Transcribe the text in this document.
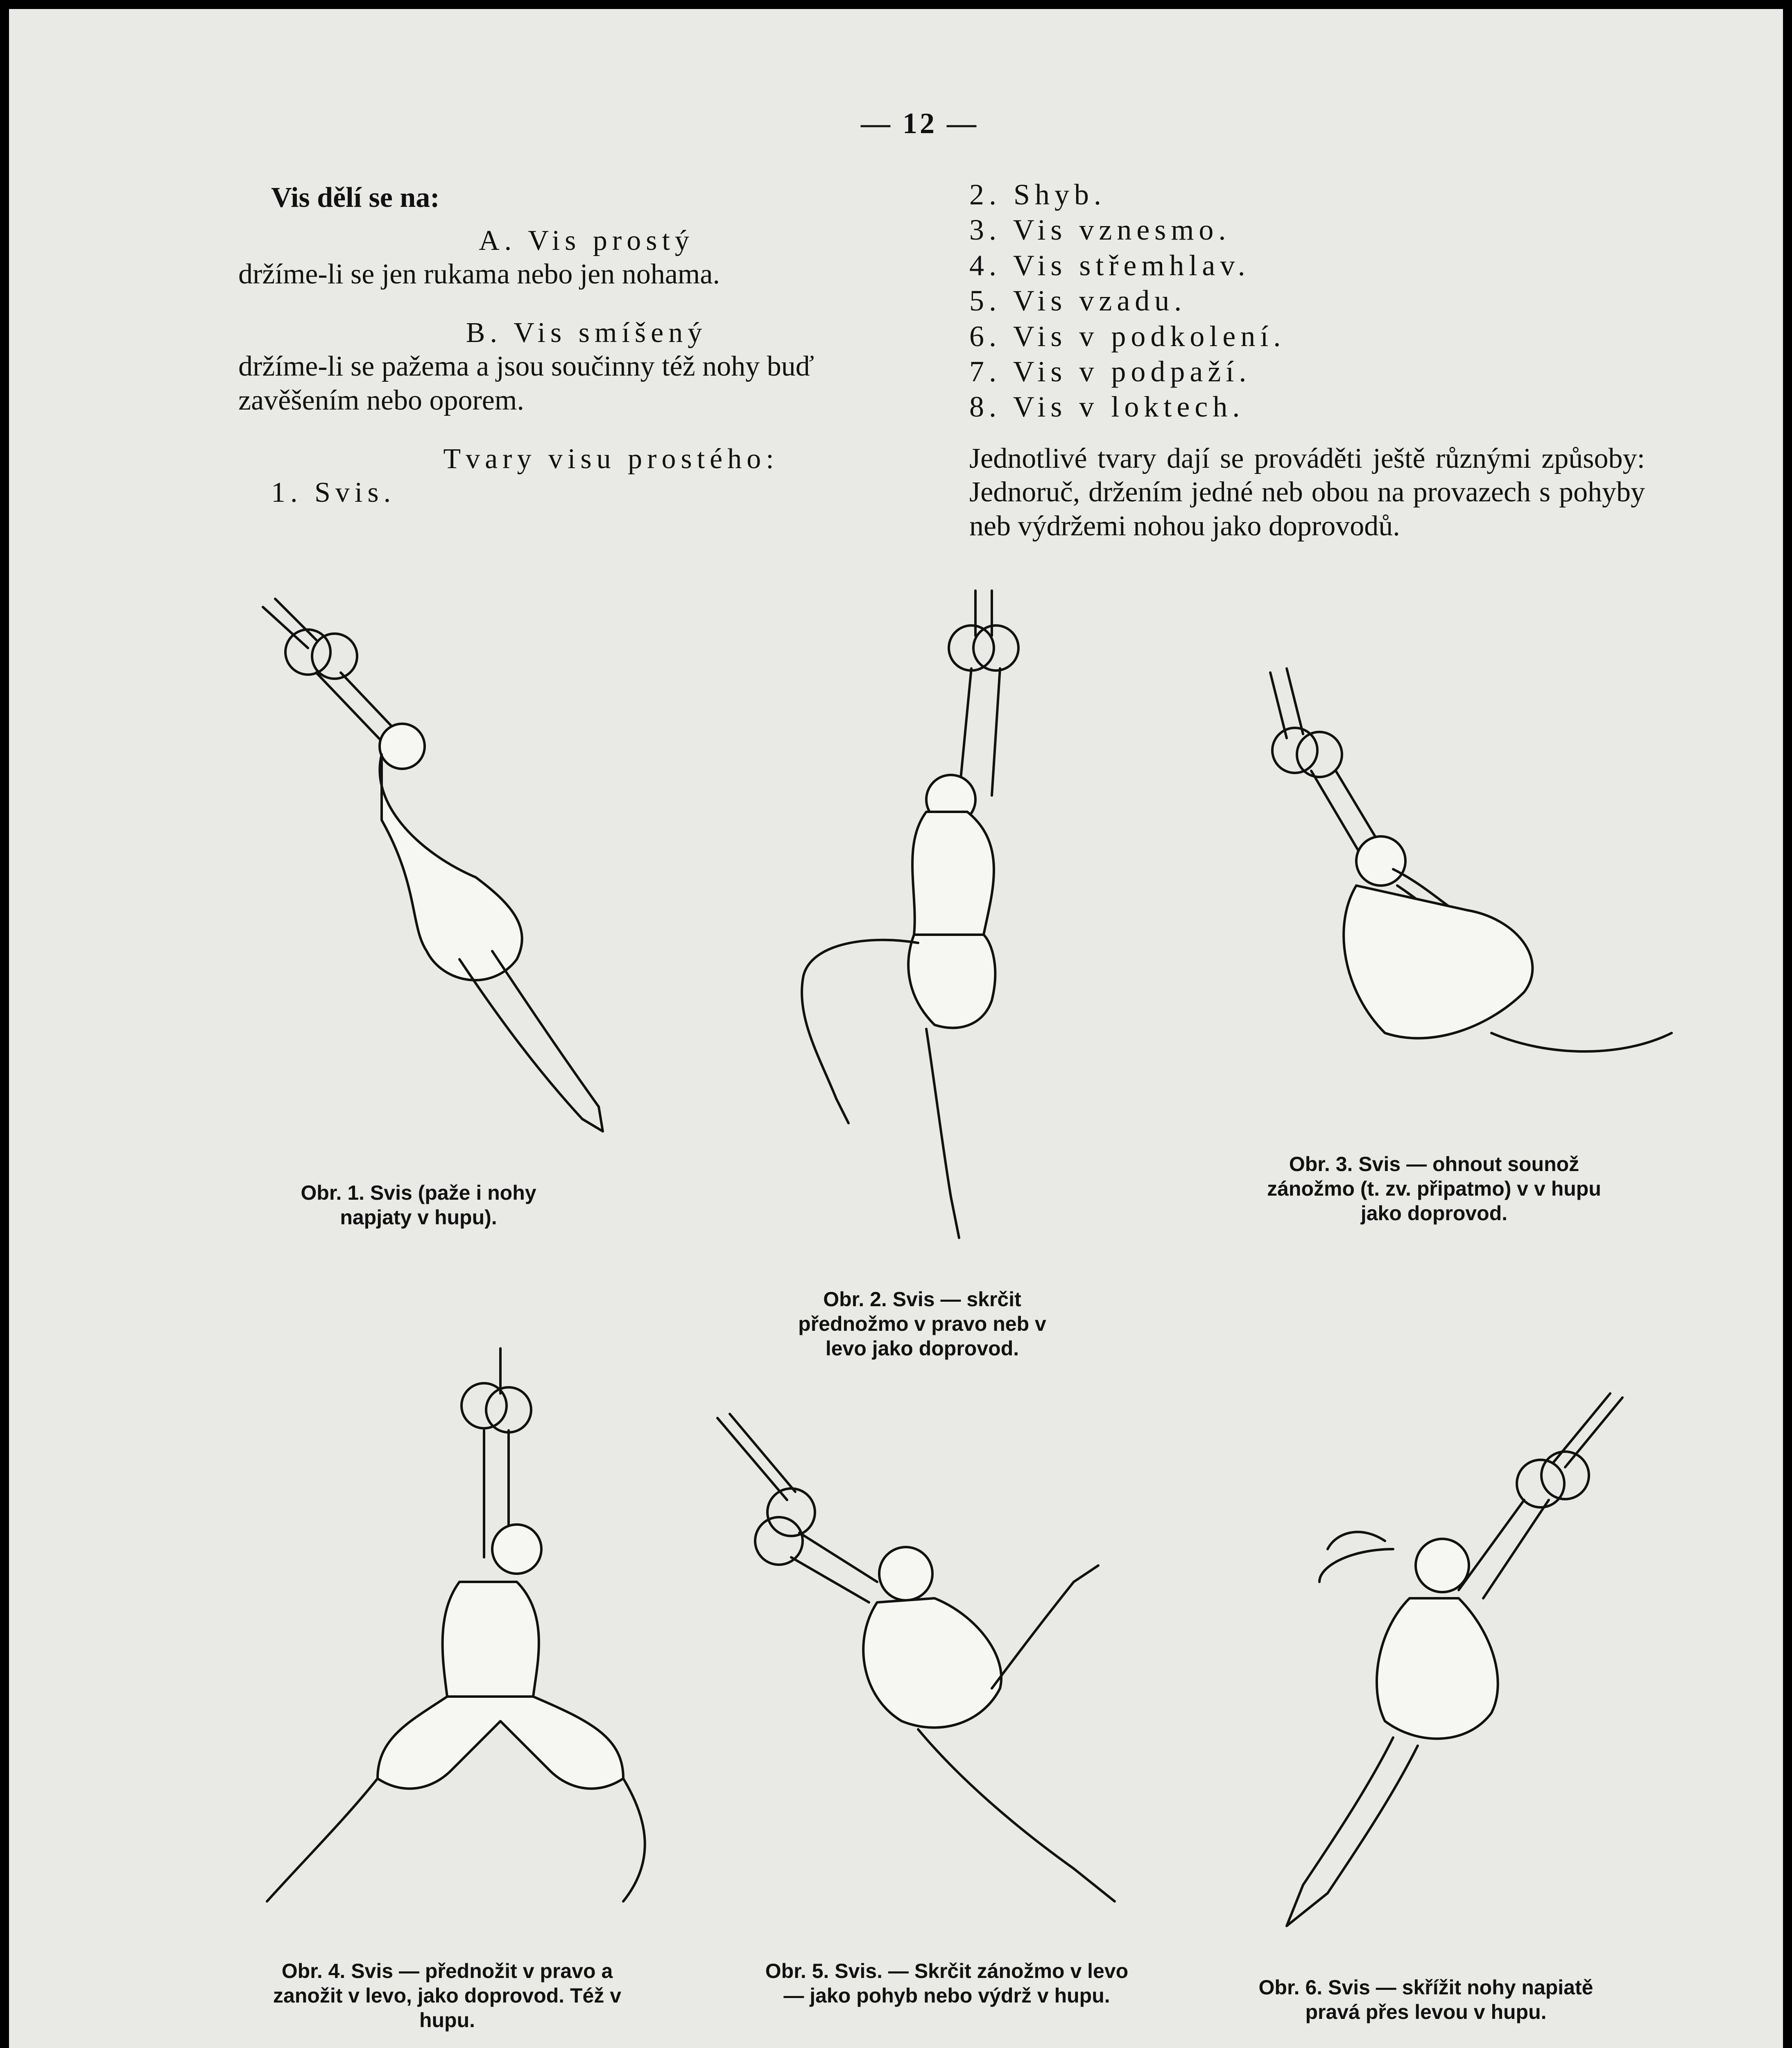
— 12 —

Vis dělí se na:

A. Vis prostý

držíme-li se jen rukama nebo jen nohama.

B. Vis smíšený

držíme-li se pažema a jsou součinny též nohy buď zavěšením nebo oporem.

Tvary visu prostého:

1. Svis.

2. Shyb.
3. Vis vznesmo.
4. Vis střemhlav.
5. Vis vzadu.
6. Vis v podkolení.
7. Vis v podpaží.
8. Vis v loktech.

Jednotlivé tvary dají se prováděti ještě různými způsoby: Jednoruč, držením jedné neb obou na provazech s pohyby neb výdržemi nohou jako doprovodů.

Obr. 1. Svis (paže i nohy napjaty v hupu).
Obr. 2. Svis — skrčit přednožmo v pravo neb v levo jako doprovod.
Obr. 3. Svis — ohnout sounož zánožmo (t. zv. připatmo) v v hupu jako doprovod.
Obr. 4. Svis — přednožit v pravo a zanožit v levo, jako doprovod. Též v hupu.
Obr. 5. Svis. — Skrčit zánožmo v levo — jako pohyb nebo výdrž v hupu.	Obr. 6. Svis — skřížit nohy napiatě pravá přes levou v hupu.
